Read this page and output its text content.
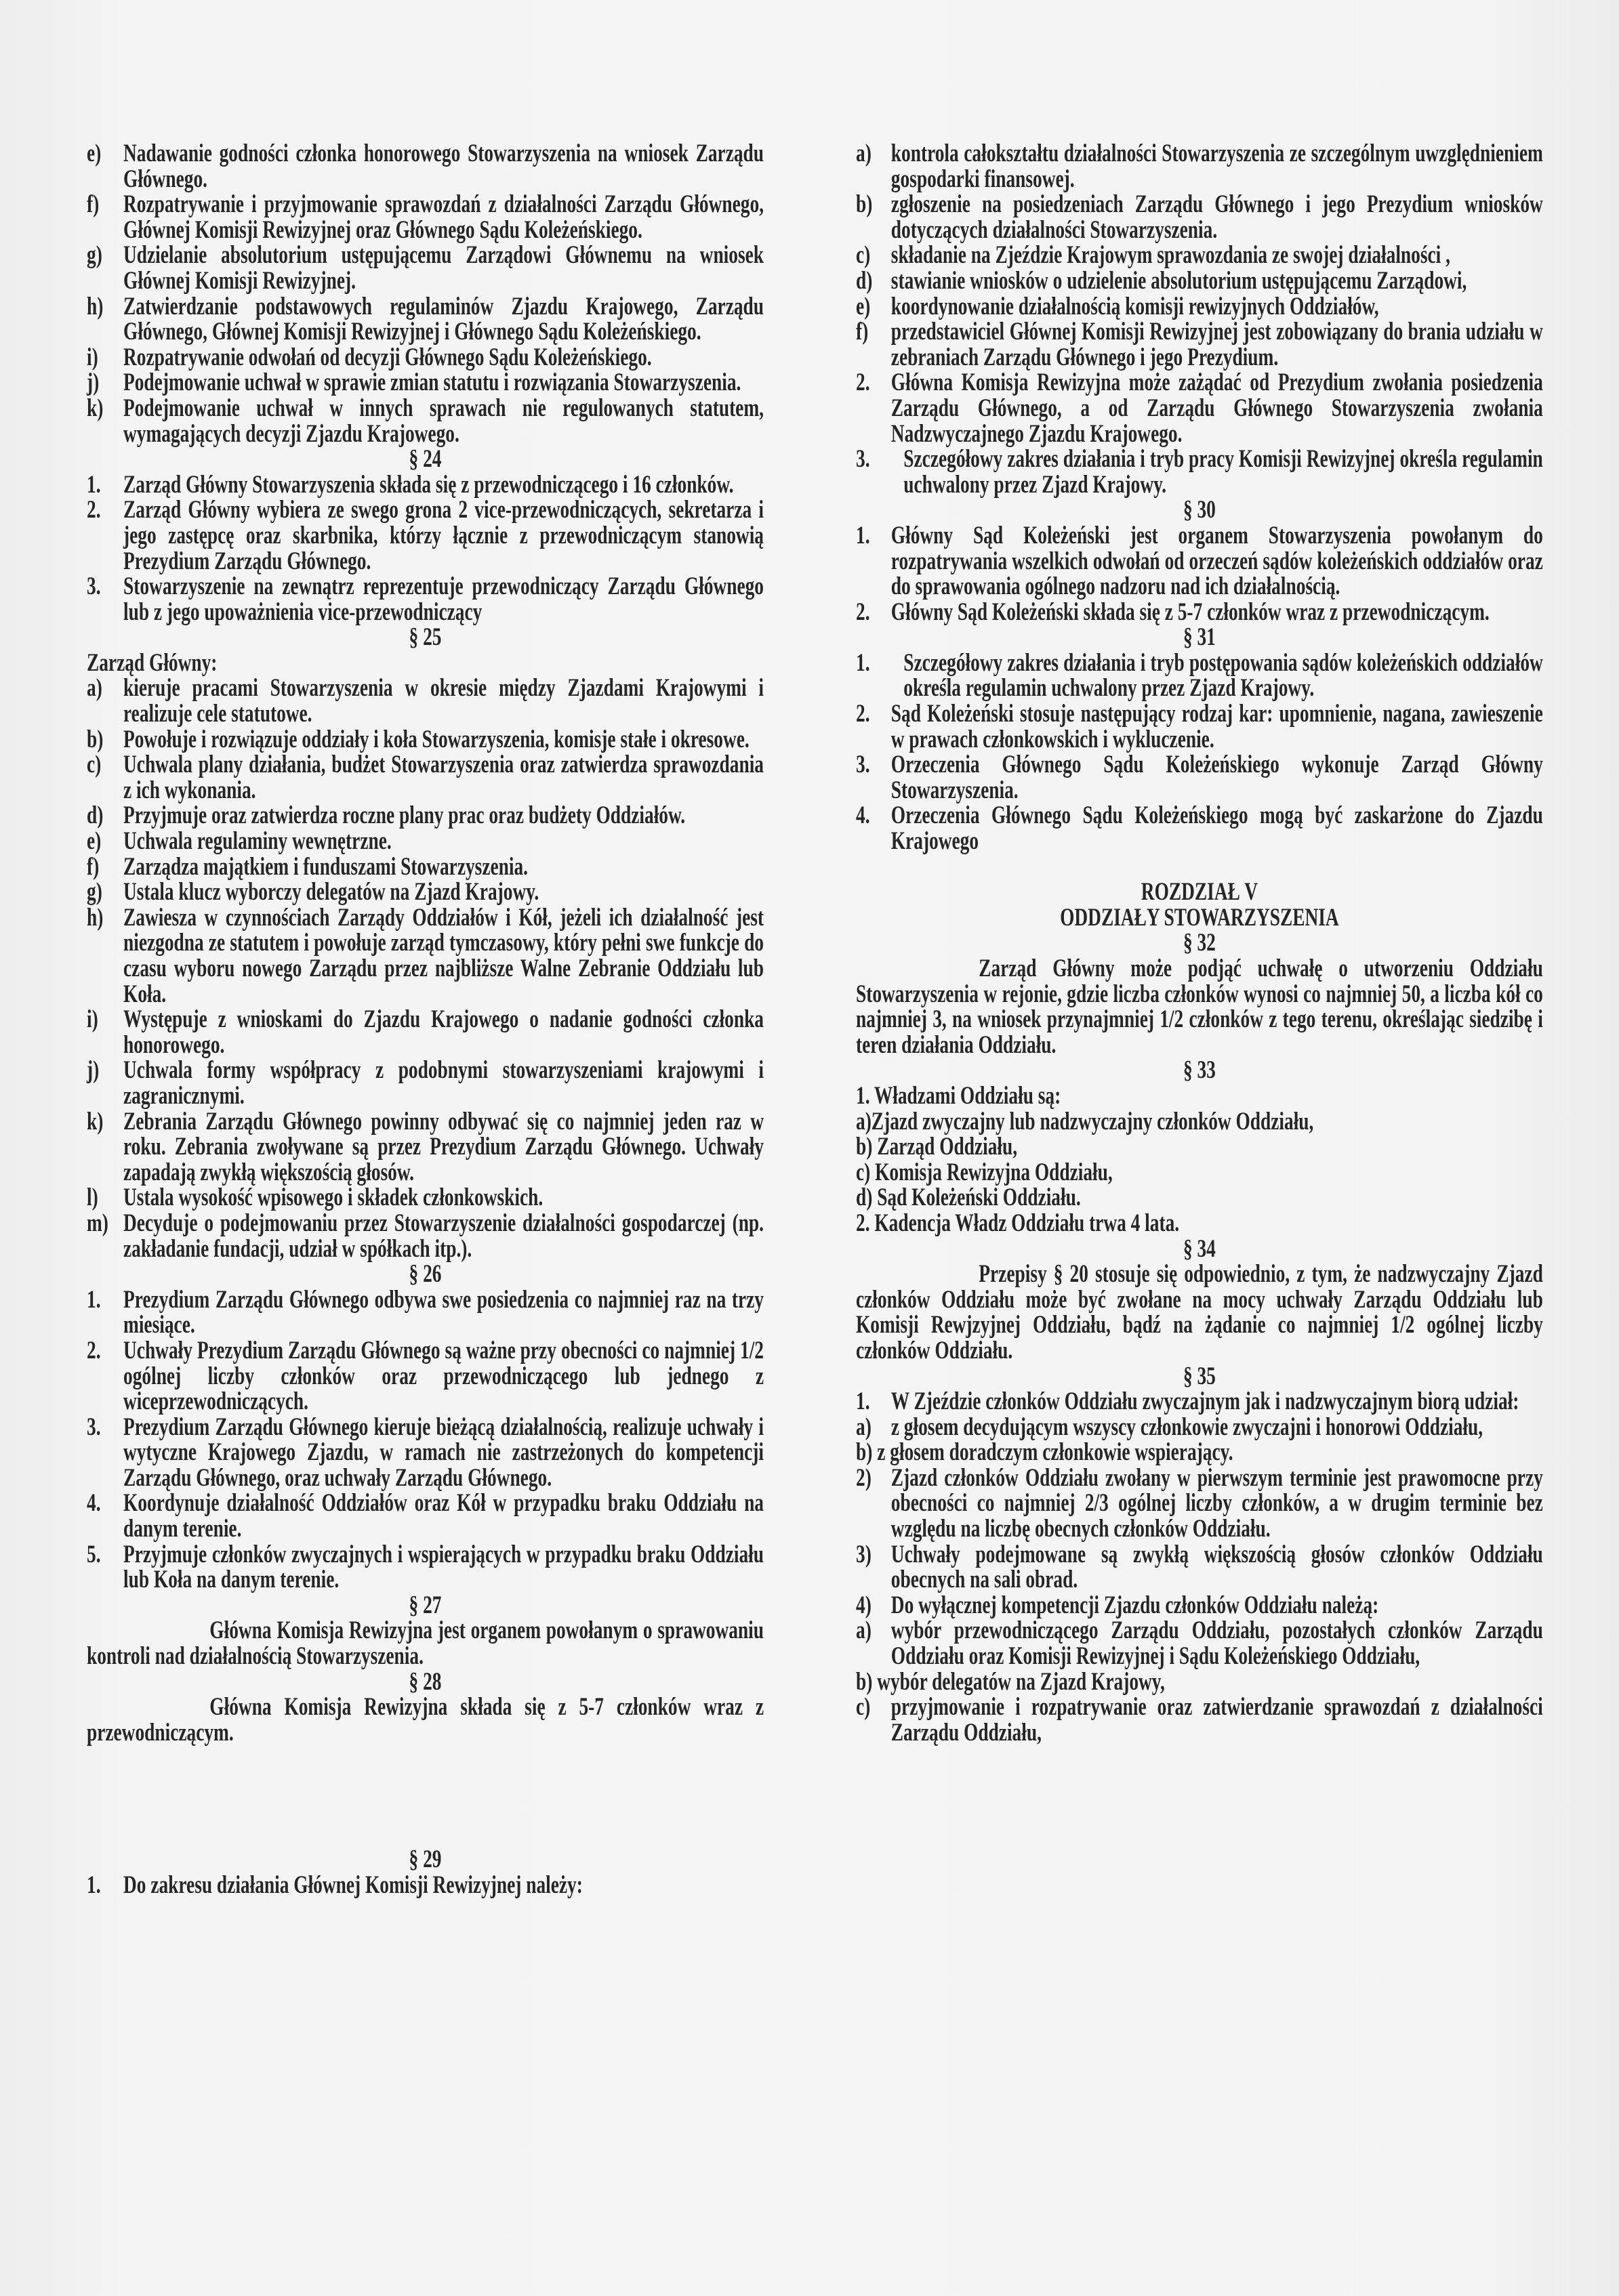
e) Nadawanie godności członka honorowego Stowarzyszenia na wniosek Zarządu Głównego.
f) Rozpatrywanie i przyjmowanie sprawozdań z działalności Zarządu Głównego, Głównej Komisji Rewizyjnej oraz Głównego Sądu Koleżeńskiego.
g) Udzielanie absolutorium ustępującemu Zarządowi Głównemu na wniosek Głównej Komisji Rewizyjnej.
h) Zatwierdzanie podstawowych regulaminów Zjazdu Krajowego, Zarządu Głównego, Głównej Komisji Rewizyjnej i Głównego Sądu Koleżeńskiego.
i)	Rozpatrywanie odwołań od decyzji Głównego Sądu Koleżeńskiego.
j) Podejmowanie uchwał w sprawie zmian statutu i rozwiązania Stowarzyszenia.
k) Podejmowanie uchwał w innych sprawach nie regulowanych statutem, wymagających decyzji Zjazdu Krajowego.
§ 24
1. Zarząd Główny Stowarzyszenia składa się z przewodniczącego i 16 członków.
2. Zarząd Główny wybiera ze swego grona 2 vice-przewodniczących, sekretarza i jego zastępcę oraz skarbnika, którzy łącznie z przewodniczącym stanowią Prezydium Zarządu Głównego.
3. Stowarzyszenie na zewnątrz reprezentuje przewodniczący Zarządu Głównego lub z jego upoważnienia vice-przewodniczący
§ 25
Zarząd Główny:
a) kieruje pracami Stowarzyszenia w okresie między Zjazdami Krajowymi i realizuje cele statutowe.
b) Powołuje i rozwiązuje oddziały i koła Stowarzyszenia, komisje stałe i okresowe.
c) Uchwala plany działania, budżet Stowarzyszenia oraz zatwierdza sprawozdania z ich wykonania.
d) Przyjmuje oraz zatwierdza roczne plany prac oraz budżety Oddziałów.
e) Uchwala regulaminy wewnętrzne.
f) Zarządza majątkiem i funduszami Stowarzyszenia.
g) Ustala klucz wyborczy delegatów na Zjazd Krajowy.
h) Zawiesza w czynnościach Zarządy Oddziałów i Kół, jeżeli ich działalność jest niezgodna ze statutem i powołuje zarząd tymczasowy, który pełni swe funkcje do czasu wyboru nowego Zarządu przez najbliższe Walne Zebranie Oddziału lub Koła.
i)	Występuje z wnioskami do Zjazdu Krajowego o nadanie godności członka honorowego.
j) Uchwala formy współpracy z podobnymi stowarzyszeniami krajowymi i zagranicznymi.
k) Zebrania Zarządu Głównego powinny odbywać się co najmniej jeden raz w roku. Zebrania zwoływane są przez Prezydium Zarządu Głównego. Uchwały zapadają zwykłą większością głosów.
l)	Ustala wysokość wpisowego i składek członkowskich.
m) Decyduje o podejmowaniu przez Stowarzyszenie działalności gospodarczej (np. zakładanie fundacji, udział w spółkach itp.).
§ 26
1. Prezydium Zarządu Głównego odbywa swe posiedzenia co najmniej raz na trzy miesiące.
2. Uchwały Prezydium Zarządu Głównego są ważne przy obecności co najmniej 1/2 ogólnej liczby członków oraz przewodniczącego lub jednego z wiceprzewodniczących.
3. Prezydium Zarządu Głównego kieruje bieżącą działalnością, realizuje uchwały i wytyczne Krajowego Zjazdu, w ramach nie zastrzeżonych do kompetencji Zarządu Głównego, oraz uchwały Zarządu Głównego.
4. Koordynuje działalność Oddziałów oraz Kół w przypadku braku Oddziału na danym terenie.
5. Przyjmuje członków zwyczajnych i wspierających w przypadku braku Oddziału lub Koła na danym terenie.
§ 27
Główna Komisja Rewizyjna jest organem powołanym o sprawowaniu kontroli nad działalnością Stowarzyszenia.
§ 28
Główna Komisja Rewizyjna składa się z 5-7 członków wraz z przewodniczącym.
§ 29
1. Do zakresu działania Głównej Komisji Rewizyjnej należy:
a) kontrola całokształtu działalności Stowarzyszenia ze szczególnym uwzględnieniem gospodarki finansowej.
b) zgłoszenie na posiedzeniach Zarządu Głównego i jego Prezydium wniosków dotyczących działalności Stowarzyszenia.
c) składanie na Zjeździe Krajowym sprawozdania ze swojej działalności ,
d) stawianie wniosków o udzielenie absolutorium ustępującemu Zarządowi,
e) koordynowanie działalnością komisji rewizyjnych Oddziałów,
f) przedstawiciel Głównej Komisji Rewizyjnej jest zobowiązany do brania udziału w zebraniach Zarządu Głównego i jego Prezydium.
2. Główna Komisja Rewizyjna może zażądać od Prezydium zwołania posiedzenia Zarządu Głównego, a od Zarządu Głównego Stowarzyszenia zwołania Nadzwyczajnego Zjazdu Krajowego.
3.	Szczegółowy zakres działania i tryb pracy Komisji Rewizyjnej określa regulamin uchwalony przez Zjazd Krajowy.
§ 30
1. Główny Sąd Koleżeński jest organem Stowarzyszenia powołanym do rozpatrywania wszelkich odwołań od orzeczeń sądów koleżeńskich oddziałów oraz do sprawowania ogólnego nadzoru nad ich działalnością.
2. Główny Sąd Koleżeński składa się z 5-7 członków wraz z przewodniczącym.
§ 31
1.	Szczegółowy zakres działania i tryb postępowania sądów koleżeńskich oddziałów określa regulamin uchwalony przez Zjazd Krajowy.
2. Sąd Koleżeński stosuje następujący rodzaj kar: upomnienie, nagana, zawieszenie w prawach członkowskich i wykluczenie.
3. Orzeczenia Głównego Sądu Koleżeńskiego wykonuje Zarząd Główny Stowarzyszenia.
4. Orzeczenia Głównego Sądu Koleżeńskiego mogą być zaskarżone do Zjazdu Krajowego
ROZDZIAŁ V
ODDZIAŁY STOWARZYSZENIA
§ 32
Zarząd Główny może podjąć uchwałę o utworzeniu Oddziału Stowarzyszenia w rejonie, gdzie liczba członków wynosi co najmniej 50, a liczba kół co najmniej 3, na wniosek przynajmniej 1/2 członków z tego terenu, określając siedzibę i teren działania Oddziału.
§ 33
1. Władzami Oddziału są:
a)Zjazd zwyczajny lub nadzwyczajny członków Oddziału,
b) Zarząd Oddziału,
c) Komisja Rewizyjna Oddziału,
d) Sąd Koleżeński Oddziału.
2. Kadencja Władz Oddziału trwa 4 lata.
§ 34
Przepisy § 20 stosuje się odpowiednio, z tym, że nadzwyczajny Zjazd członków Oddziału może być zwołane na mocy uchwały Zarządu Oddziału lub Komisji Rewjzyjnej Oddziału, bądź na żądanie co najmniej 1/2 ogólnej liczby członków Oddziału.
§ 35
1. W Zjeździe członków Oddziału zwyczajnym jak i nadzwyczajnym biorą udział:
a) z głosem decydującym wszyscy członkowie zwyczajni i honorowi Oddziału,
b) z głosem doradczym członkowie wspierający.
2) Zjazd członków Oddziału zwołany w pierwszym terminie jest prawomocne przy obecności co najmniej 2/3 ogólnej liczby członków, a w drugim terminie bez względu na liczbę obecnych członków Oddziału.
3) Uchwały podejmowane są zwykłą większością głosów członków Oddziału obecnych na sali obrad.
4) Do wyłącznej kompetencji Zjazdu członków Oddziału należą:
a) wybór przewodniczącego Zarządu Oddziału, pozostałych członków Zarządu Oddziału oraz Komisji Rewizyjnej i Sądu Koleżeńskiego Oddziału,
b) wybór delegatów na Zjazd Krajowy,
c) przyjmowanie i rozpatrywanie oraz zatwierdzanie sprawozdań z działalności Zarządu Oddziału,
